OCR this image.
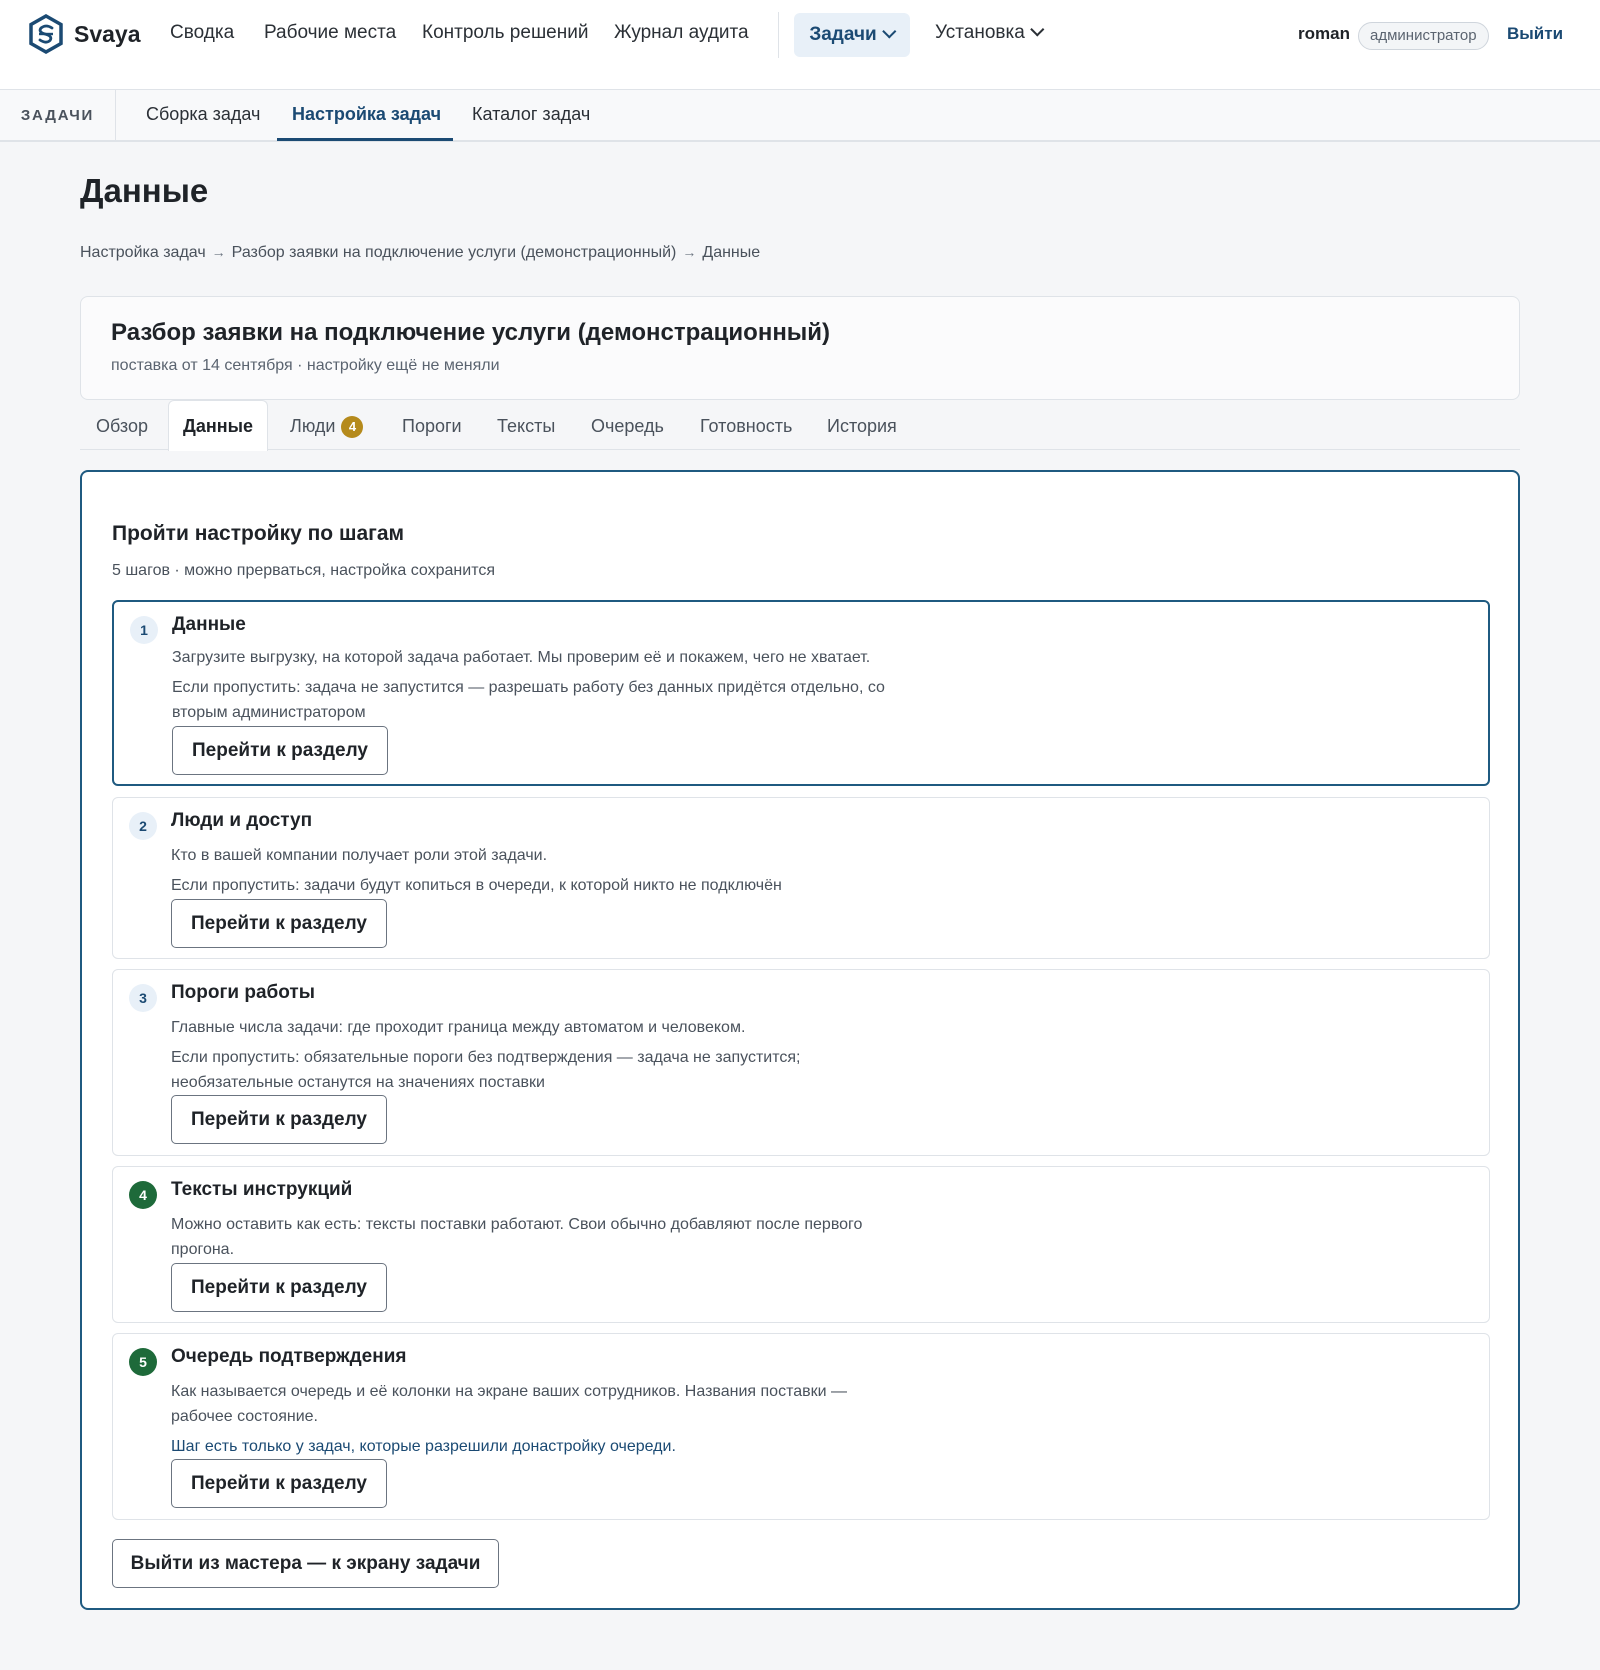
Svaya Сводка Рабочие места Контроль решений Журнал аудита	Задачи	Установка	roman	администратор	Выйти
ЗАДАЧИ	Сборка задач Настройка задач Каталог задач
Данные
Настройка задач → Разбор заявки на подключение услуги (демонстрационный) → Данные
Разбор заявки на подключение услуги (демонстрационный)
поставка от 14 сентября · настройку ещё не меняли
Обзор	Данные	Люди 4	Пороги Тексты Очередь Готовность История
Пройти настройку по шагам
5 шагов · можно прерваться, настройка сохранится
1	Данные
Загрузите выгрузку, на которой задача работает. Мы проверим её и покажем, чего не хватает.
Если пропустить: задача не запустится — разрешать работу без данных придётся отдельно, со вторым администратором
Перейти к разделу
2	Люди и доступ
Кто в вашей компании получает роли этой задачи.
Если пропустить: задачи будут копиться в очереди, к которой никто не подключён
Перейти к разделу
3	Пороги работы
Главные числа задачи: где проходит граница между автоматом и человеком.
Если пропустить: обязательные пороги без подтверждения — задача не запустится; необязательные останутся на значениях поставки
Перейти к разделу
4	Тексты инструкций
Можно оставить как есть: тексты поставки работают. Свои обычно добавляют после первого прогона.
Перейти к разделу
5	Очередь подтверждения
Как называется очередь и её колонки на экране ваших сотрудников. Названия поставки — рабочее состояние.
Шаг есть только у задач, которые разрешили донастройку очереди.
Перейти к разделу
Выйти из мастера — к экрану задачи
